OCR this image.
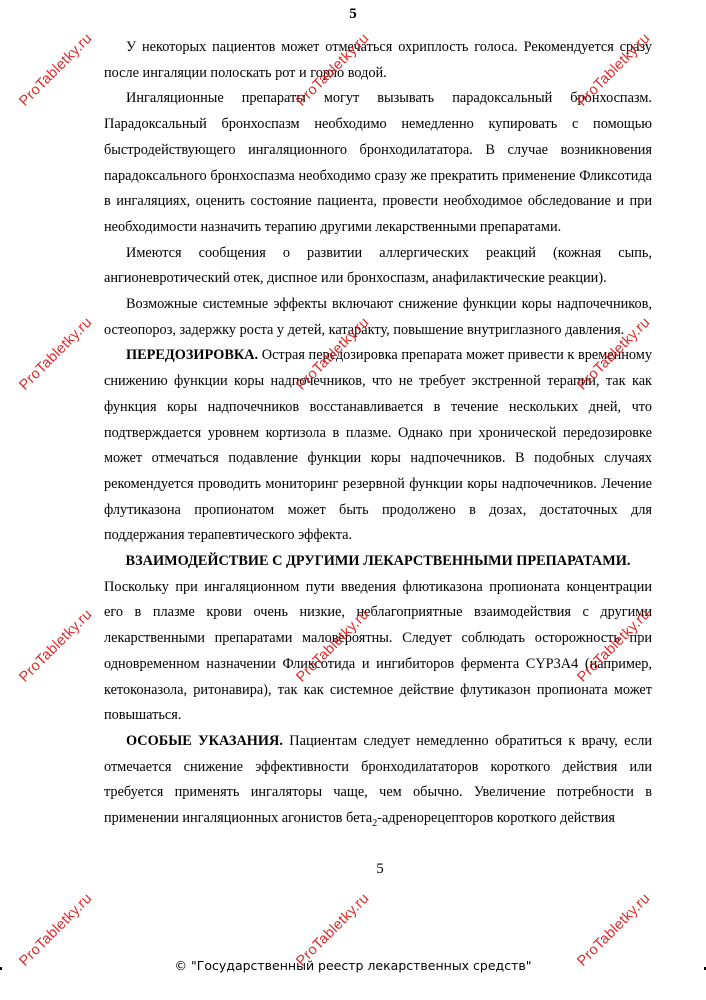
5

У некоторых пациентов может отмечаться охриплость голоса. Рекомендуется сразу после ингаляции полоскать рот и горло водой.

Ингаляционные препараты могут вызывать парадоксальный бронхоспазм. Парадоксальный бронхоспазм необходимо немедленно купировать с помощью быстродействующего ингаляционного бронходилататора. В случае возникновения парадоксального бронхоспазма необходимо сразу же прекратить применение Фликсотида в ингаляциях, оценить состояние пациента, провести необходимое обследование и при необходимости назначить терапию другими лекарственными препаратами.

Имеются сообщения о развитии аллергических реакций (кожная сыпь, ангионевротический отек, диспное или бронхоспазм, анафилактические реакции).

Возможные системные эффекты включают снижение функции коры надпочечников, остеопороз, задержку роста у детей, катаракту, повышение внутриглазного давления.

ПЕРЕДОЗИРОВКА. Острая передозировка препарата может привести к временному снижению функции коры надпочечников, что не требует экстренной терапии, так как функция коры надпочечников восстанавливается в течение нескольких дней, что подтверждается уровнем кортизола в плазме. Однако при хронической передозировке может отмечаться подавление функции коры надпочечников. В подобных случаях рекомендуется проводить мониторинг резервной функции коры надпочечников. Лечение флутиказона пропионатом может быть продолжено в дозах, достаточных для поддержания терапевтического эффекта.

ВЗАИМОДЕЙСТВИЕ С ДРУГИМИ ЛЕКАРСТВЕННЫМИ ПРЕПАРАТАМИ.

Поскольку при ингаляционном пути введения флютиказона пропионата концентрации его в плазме крови очень низкие, неблагоприятные взаимодействия с другими лекарственными препаратами маловероятны. Следует соблюдать осторожность при одновременном назначении Фликсотида и ингибиторов фермента CYP3A4 (например, кетоконазола, ритонавира), так как системное действие флутиказон пропионата может повышаться.

ОСОБЫЕ УКАЗАНИЯ. Пациентам следует немедленно обратиться к врачу, если отмечается снижение эффективности бронходилататоров короткого действия или требуется применять ингаляторы чаще, чем обычно. Увеличение потребности в применении ингаляционных агонистов бета$_2$-адренорецепторов короткого действия

5
© "Государственный реестр лекарственных средств"
ProTabletky.ru	ProTabletky.ru	ProTabletky.ru
ProTabletky.ru	ProTabletky.ru	ProTabletky.ru
ProTabletky.ru	ProTabletky.ru	ProTabletky.ru
ProTabletky.ru	ProTabletky.ru	ProTabletky.ru
